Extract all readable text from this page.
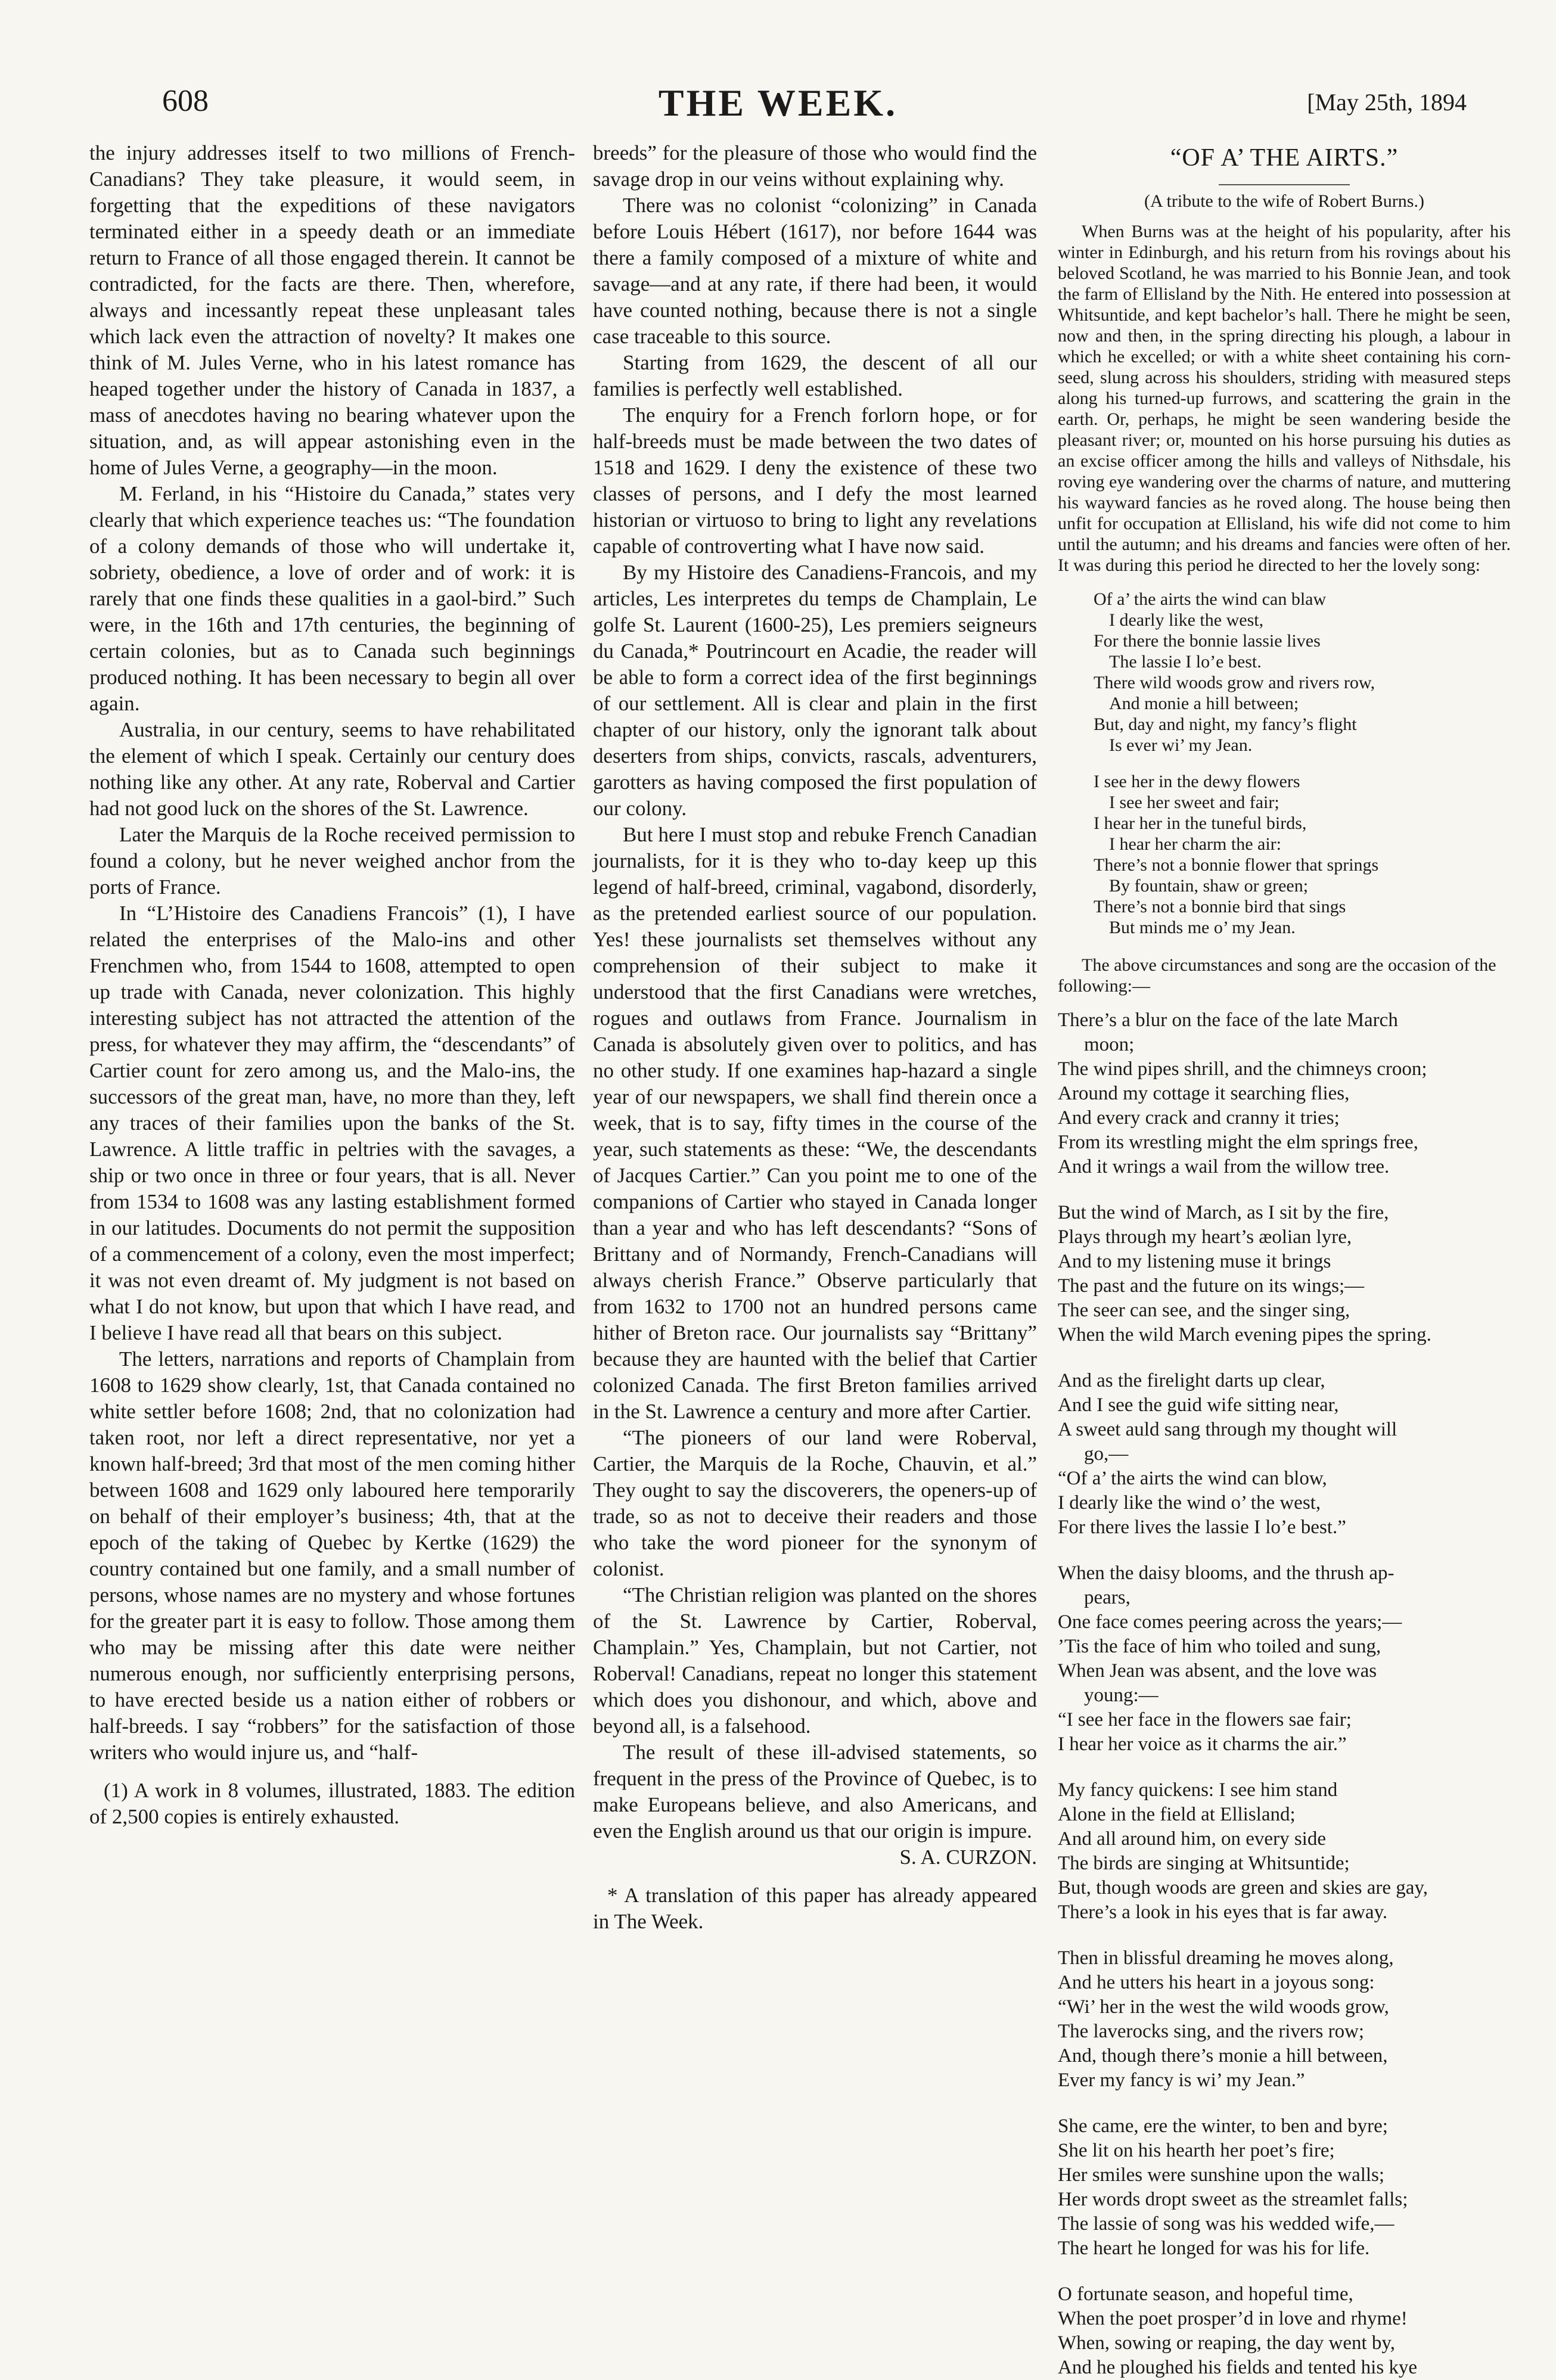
608	THE WEEK.	[May 25th, 1894

the injury addresses itself to two millions of French-Canadians? They take pleasure, it would seem, in forgetting that the expeditions of these navigators terminated either in a speedy death or an immediate return to France of all those engaged therein. It cannot be contradicted, for the facts are there. Then, wherefore, always and incessantly repeat these unpleasant tales which lack even the attraction of novelty? It makes one think of M. Jules Verne, who in his latest romance has heaped together under the history of Canada in 1837, a mass of anecdotes having no bearing whatever upon the situation, and, as will appear astonishing even in the home of Jules Verne, a geography—in the moon.

M. Ferland, in his “Histoire du Canada,” states very clearly that which experience teaches us: “The foundation of a colony demands of those who will undertake it, sobriety, obedience, a love of order and of work: it is rarely that one finds these qualities in a gaol-bird.” Such were, in the 16th and 17th centuries, the beginning of certain colonies, but as to Canada such beginnings produced nothing. It has been necessary to begin all over again.

Australia, in our century, seems to have rehabilitated the element of which I speak. Certainly our century does nothing like any other. At any rate, Roberval and Cartier had not good luck on the shores of the St. Lawrence.

Later the Marquis de la Roche received permission to found a colony, but he never weighed anchor from the ports of France.

In “L’Histoire des Canadiens Francois” (1), I have related the enterprises of the Malo-ins and other Frenchmen who, from 1544 to 1608, attempted to open up trade with Canada, never colonization. This highly interesting subject has not attracted the attention of the press, for whatever they may affirm, the “descendants” of Cartier count for zero among us, and the Malo-ins, the successors of the great man, have, no more than they, left any traces of their families upon the banks of the St. Lawrence. A little traffic in peltries with the savages, a ship or two once in three or four years, that is all. Never from 1534 to 1608 was any lasting establishment formed in our latitudes. Documents do not permit the supposition of a commencement of a colony, even the most imperfect; it was not even dreamt of. My judgment is not based on what I do not know, but upon that which I have read, and I believe I have read all that bears on this subject.

The letters, narrations and reports of Champlain from 1608 to 1629 show clearly, 1st, that Canada contained no white settler before 1608; 2nd, that no colonization had taken root, nor left a direct representative, nor yet a known half-breed; 3rd that most of the men coming hither between 1608 and 1629 only laboured here temporarily on behalf of their employer’s business; 4th, that at the epoch of the taking of Quebec by Kertke (1629) the country contained but one family, and a small number of persons, whose names are no mystery and whose fortunes for the greater part it is easy to follow. Those among them who may be missing after this date were neither numerous enough, nor sufficiently enterprising persons, to have erected beside us a nation either of robbers or half-breeds. I say “robbers” for the satisfaction of those writers who would injure us, and “half-

(1) A work in 8 volumes, illustrated, 1883. The edition of 2,500 copies is entirely exhausted.

breeds” for the pleasure of those who would find the savage drop in our veins without explaining why.

There was no colonist “colonizing” in Canada before Louis Hébert (1617), nor before 1644 was there a family composed of a mixture of white and savage—and at any rate, if there had been, it would have counted nothing, because there is not a single case traceable to this source.

Starting from 1629, the descent of all our families is perfectly well established.

The enquiry for a French forlorn hope, or for half-breeds must be made between the two dates of 1518 and 1629. I deny the existence of these two classes of persons, and I defy the most learned historian or virtuoso to bring to light any revelations capable of controverting what I have now said.

By my Histoire des Canadiens-Francois, and my articles, Les interpretes du temps de Champlain, Le golfe St. Laurent (1600-25), Les premiers seigneurs du Canada,* Poutrincourt en Acadie, the reader will be able to form a correct idea of the first beginnings of our settlement. All is clear and plain in the first chapter of our history, only the ignorant talk about deserters from ships, convicts, rascals, adventurers, garotters as having composed the first population of our colony.

But here I must stop and rebuke French Canadian journalists, for it is they who to-day keep up this legend of half-breed, criminal, vagabond, disorderly, as the pretended earliest source of our population. Yes! these journalists set themselves without any comprehension of their subject to make it understood that the first Canadians were wretches, rogues and outlaws from France. Journalism in Canada is absolutely given over to politics, and has no other study. If one examines hap-hazard a single year of our newspapers, we shall find therein once a week, that is to say, fifty times in the course of the year, such statements as these: “We, the descendants of Jacques Cartier.” Can you point me to one of the companions of Cartier who stayed in Canada longer than a year and who has left descendants? “Sons of Brittany and of Normandy, French-Canadians will always cherish France.” Observe particularly that from 1632 to 1700 not an hundred persons came hither of Breton race. Our journalists say “Brittany” because they are haunted with the belief that Cartier colonized Canada. The first Breton families arrived in the St. Lawrence a century and more after Cartier.

“The pioneers of our land were Roberval, Cartier, the Marquis de la Roche, Chauvin, et al.” They ought to say the discoverers, the openers-up of trade, so as not to deceive their readers and those who take the word pioneer for the synonym of colonist.

“The Christian religion was planted on the shores of the St. Lawrence by Cartier, Roberval, Champlain.” Yes, Champlain, but not Cartier, not Roberval! Canadians, repeat no longer this statement which does you dishonour, and which, above and beyond all, is a falsehood.

The result of these ill-advised statements, so frequent in the press of the Province of Quebec, is to make Europeans believe, and also Americans, and even the English around us that our origin is impure.

S. A. CURZON.

* A translation of this paper has already appeared in The Week.

“OF A’ THE AIRTS.”
(A tribute to the wife of Robert Burns.)

When Burns was at the height of his popularity, after his winter in Edinburgh, and his return from his rovings about his beloved Scotland, he was married to his Bonnie Jean, and took the farm of Ellisland by the Nith. He entered into possession at Whitsuntide, and kept bachelor’s hall. There he might be seen, now and then, in the spring directing his plough, a labour in which he excelled; or with a white sheet containing his corn-seed, slung across his shoulders, striding with measured steps along his turned-up furrows, and scattering the grain in the earth. Or, perhaps, he might be seen wandering beside the pleasant river; or, mounted on his horse pursuing his duties as an excise officer among the hills and valleys of Nithsdale, his roving eye wandering over the charms of nature, and muttering his wayward fancies as he roved along. The house being then unfit for occupation at Ellisland, his wife did not come to him until the autumn; and his dreams and fancies were often of her. It was during this period he directed to her the lovely song:

Of a’ the airts the wind can blaw
I dearly like the west,
For there the bonnie lassie lives
The lassie I lo’e best.
There wild woods grow and rivers row,
And monie a hill between;
But, day and night, my fancy’s flight
Is ever wi’ my Jean.
I see her in the dewy flowers
I see her sweet and fair;
I hear her in the tuneful birds,
I hear her charm the air:
There’s not a bonnie flower that springs
By fountain, shaw or green;
There’s not a bonnie bird that sings
But minds me o’ my Jean.
The above circumstances and song are the occasion of the following:—
There’s a blur on the face of the late March
moon;
The wind pipes shrill, and the chimneys croon;
Around my cottage it searching flies,
And every crack and cranny it tries;
From its wrestling might the elm springs free,
And it wrings a wail from the willow tree.
But the wind of March, as I sit by the fire,
Plays through my heart’s æolian lyre,
And to my listening muse it brings
The past and the future on its wings;—
The seer can see, and the singer sing,
When the wild March evening pipes the spring.
And as the firelight darts up clear,
And I see the guid wife sitting near,
A sweet auld sang through my thought will
go,—
“Of a’ the airts the wind can blow,
I dearly like the wind o’ the west,
For there lives the lassie I lo’e best.”
When the daisy blooms, and the thrush ap-
pears,
One face comes peering across the years;—
’Tis the face of him who toiled and sung,
When Jean was absent, and the love was
young:—
“I see her face in the flowers sae fair;
I hear her voice as it charms the air.”
My fancy quickens: I see him stand
Alone in the field at Ellisland;
And all around him, on every side
The birds are singing at Whitsuntide;
But, though woods are green and skies are gay,
There’s a look in his eyes that is far away.
Then in blissful dreaming he moves along,
And he utters his heart in a joyous song:
“Wi’ her in the west the wild woods grow,
The laverocks sing, and the rivers row;
And, though there’s monie a hill between,
Ever my fancy is wi’ my Jean.”
She came, ere the winter, to ben and byre;
She lit on his hearth her poet’s fire;
Her smiles were sunshine upon the walls;
Her words dropt sweet as the streamlet falls;
The lassie of song was his wedded wife,—
The heart he longed for was his for life.
O fortunate season, and hopeful time,
When the poet prosper’d in love and rhyme!
When, sowing or reaping, the day went by,
And he ploughed his fields and tented his kye
